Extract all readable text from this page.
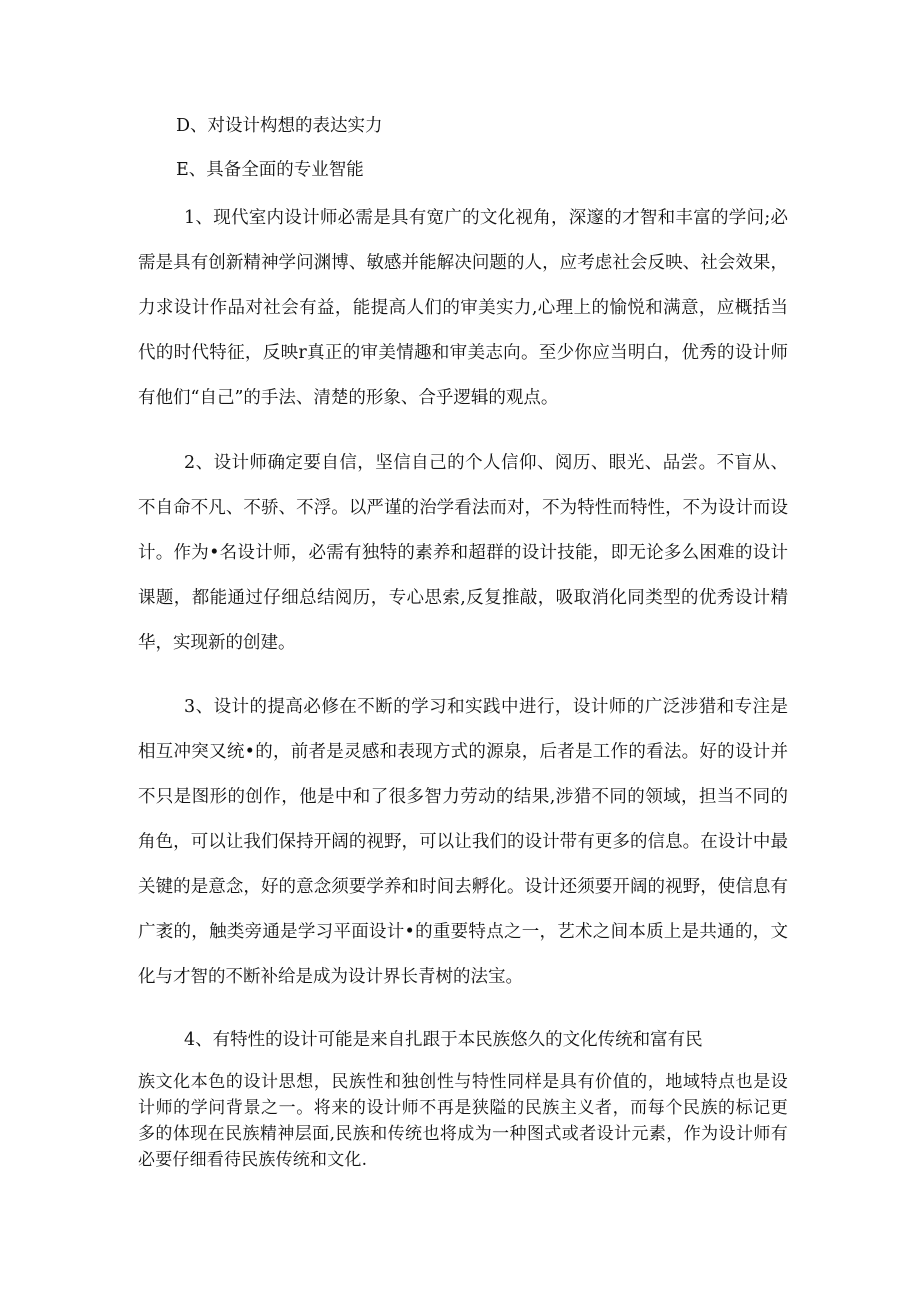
D、对设计构想的表达实力

E、具备全面的专业智能

1、现代室内设计师必需是具有宽广的文化视角，深邃的才智和丰富的学问;必需是具有创新精神学问渊博、敏感并能解决问题的人，应考虑社会反映、社会效果，力求设计作品对社会有益，能提高人们的审美实力,心理上的愉悦和满意，应概括当代的时代特征，反映r真正的审美情趣和审美志向。至少你应当明白，优秀的设计师有他们“自己”的手法、清楚的形象、合乎逻辑的观点。

2、设计师确定要自信，坚信自己的个人信仰、阅历、眼光、品尝。不盲从、不自命不凡、不骄、不浮。以严谨的治学看法而对，不为特性而特性，不为设计而设计。作为•名设计师，必需有独特的素养和超群的设计技能，即无论多么困难的设计课题，都能通过仔细总结阅历，专心思索,反复推敲，吸取消化同类型的优秀设计精华，实现新的创建。

3、设计的提高必修在不断的学习和实践中进行，设计师的广泛涉猎和专注是相互冲突又统•的，前者是灵感和表现方式的源泉，后者是工作的看法。好的设计并不只是图形的创作，他是中和了很多智力劳动的结果,涉猎不同的领域，担当不同的角色，可以让我们保持开阔的视野，可以让我们的设计带有更多的信息。在设计中最关键的是意念，好的意念须要学养和时间去孵化。设计还须要开阔的视野，使信息有广袤的，触类旁通是学习平面设计•的重要特点之一，艺术之间本质上是共通的，文化与才智的不断补给是成为设计界长青树的法宝。

4、有特性的设计可能是来自扎跟于本民族悠久的文化传统和富有民

族文化本色的设计思想，民族性和独创性与特性同样是具有价值的，地域特点也是设计师的学问背景之一。将来的设计师不再是狭隘的民族主义者，而每个民族的标记更多的体现在民族精神层面,民族和传统也将成为一种图式或者设计元素，作为设计师有必要仔细看待民族传统和文化.
